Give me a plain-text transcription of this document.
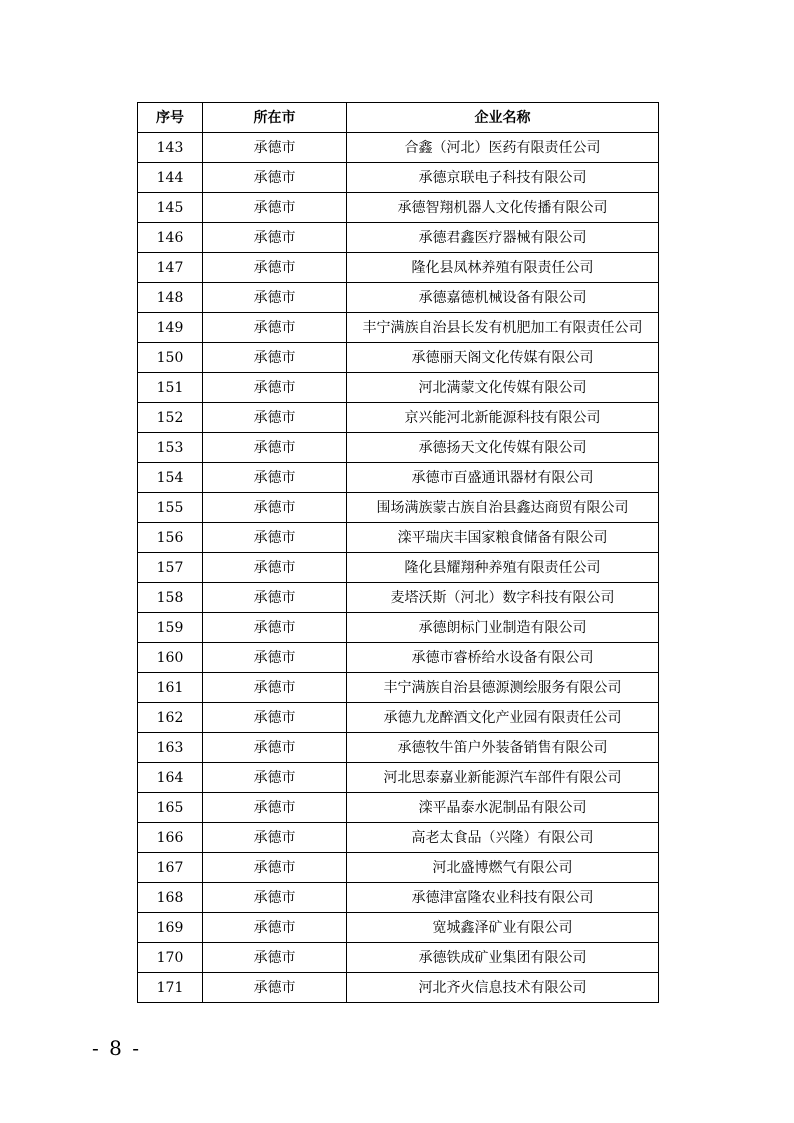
序号	所在市	企业名称
143	承德市	合鑫（河北）医药有限责任公司
144	承德市	承德京联电子科技有限公司
145	承德市	承德智翔机器人文化传播有限公司
146	承德市	承德君鑫医疗器械有限公司
147	承德市	隆化县凤林养殖有限责任公司
148	承德市	承德嘉德机械设备有限公司
149	承德市	丰宁满族自治县长发有机肥加工有限责任公司
150	承德市	承德丽天阁文化传媒有限公司
151	承德市	河北满蒙文化传媒有限公司
152	承德市	京兴能河北新能源科技有限公司
153	承德市	承德扬天文化传媒有限公司
154	承德市	承德市百盛通讯器材有限公司
155	承德市	围场满族蒙古族自治县鑫达商贸有限公司
156	承德市	滦平瑞庆丰国家粮食储备有限公司
157	承德市	隆化县耀翔种养殖有限责任公司
158	承德市	麦塔沃斯（河北）数字科技有限公司
159	承德市	承德朗标门业制造有限公司
160	承德市	承德市睿桥给水设备有限公司
161	承德市	丰宁满族自治县德源测绘服务有限公司
162	承德市	承德九龙醉酒文化产业园有限责任公司
163	承德市	承德牧牛笛户外装备销售有限公司
164	承德市	河北思泰嘉业新能源汽车部件有限公司
165	承德市	滦平晶泰水泥制品有限公司
166	承德市	高老太食品（兴隆）有限公司
167	承德市	河北盛博燃气有限公司
168	承德市	承德津富隆农业科技有限公司
169	承德市	宽城鑫泽矿业有限公司
170	承德市	承德铁成矿业集团有限公司
171	承德市	河北齐火信息技术有限公司
- 8 -
